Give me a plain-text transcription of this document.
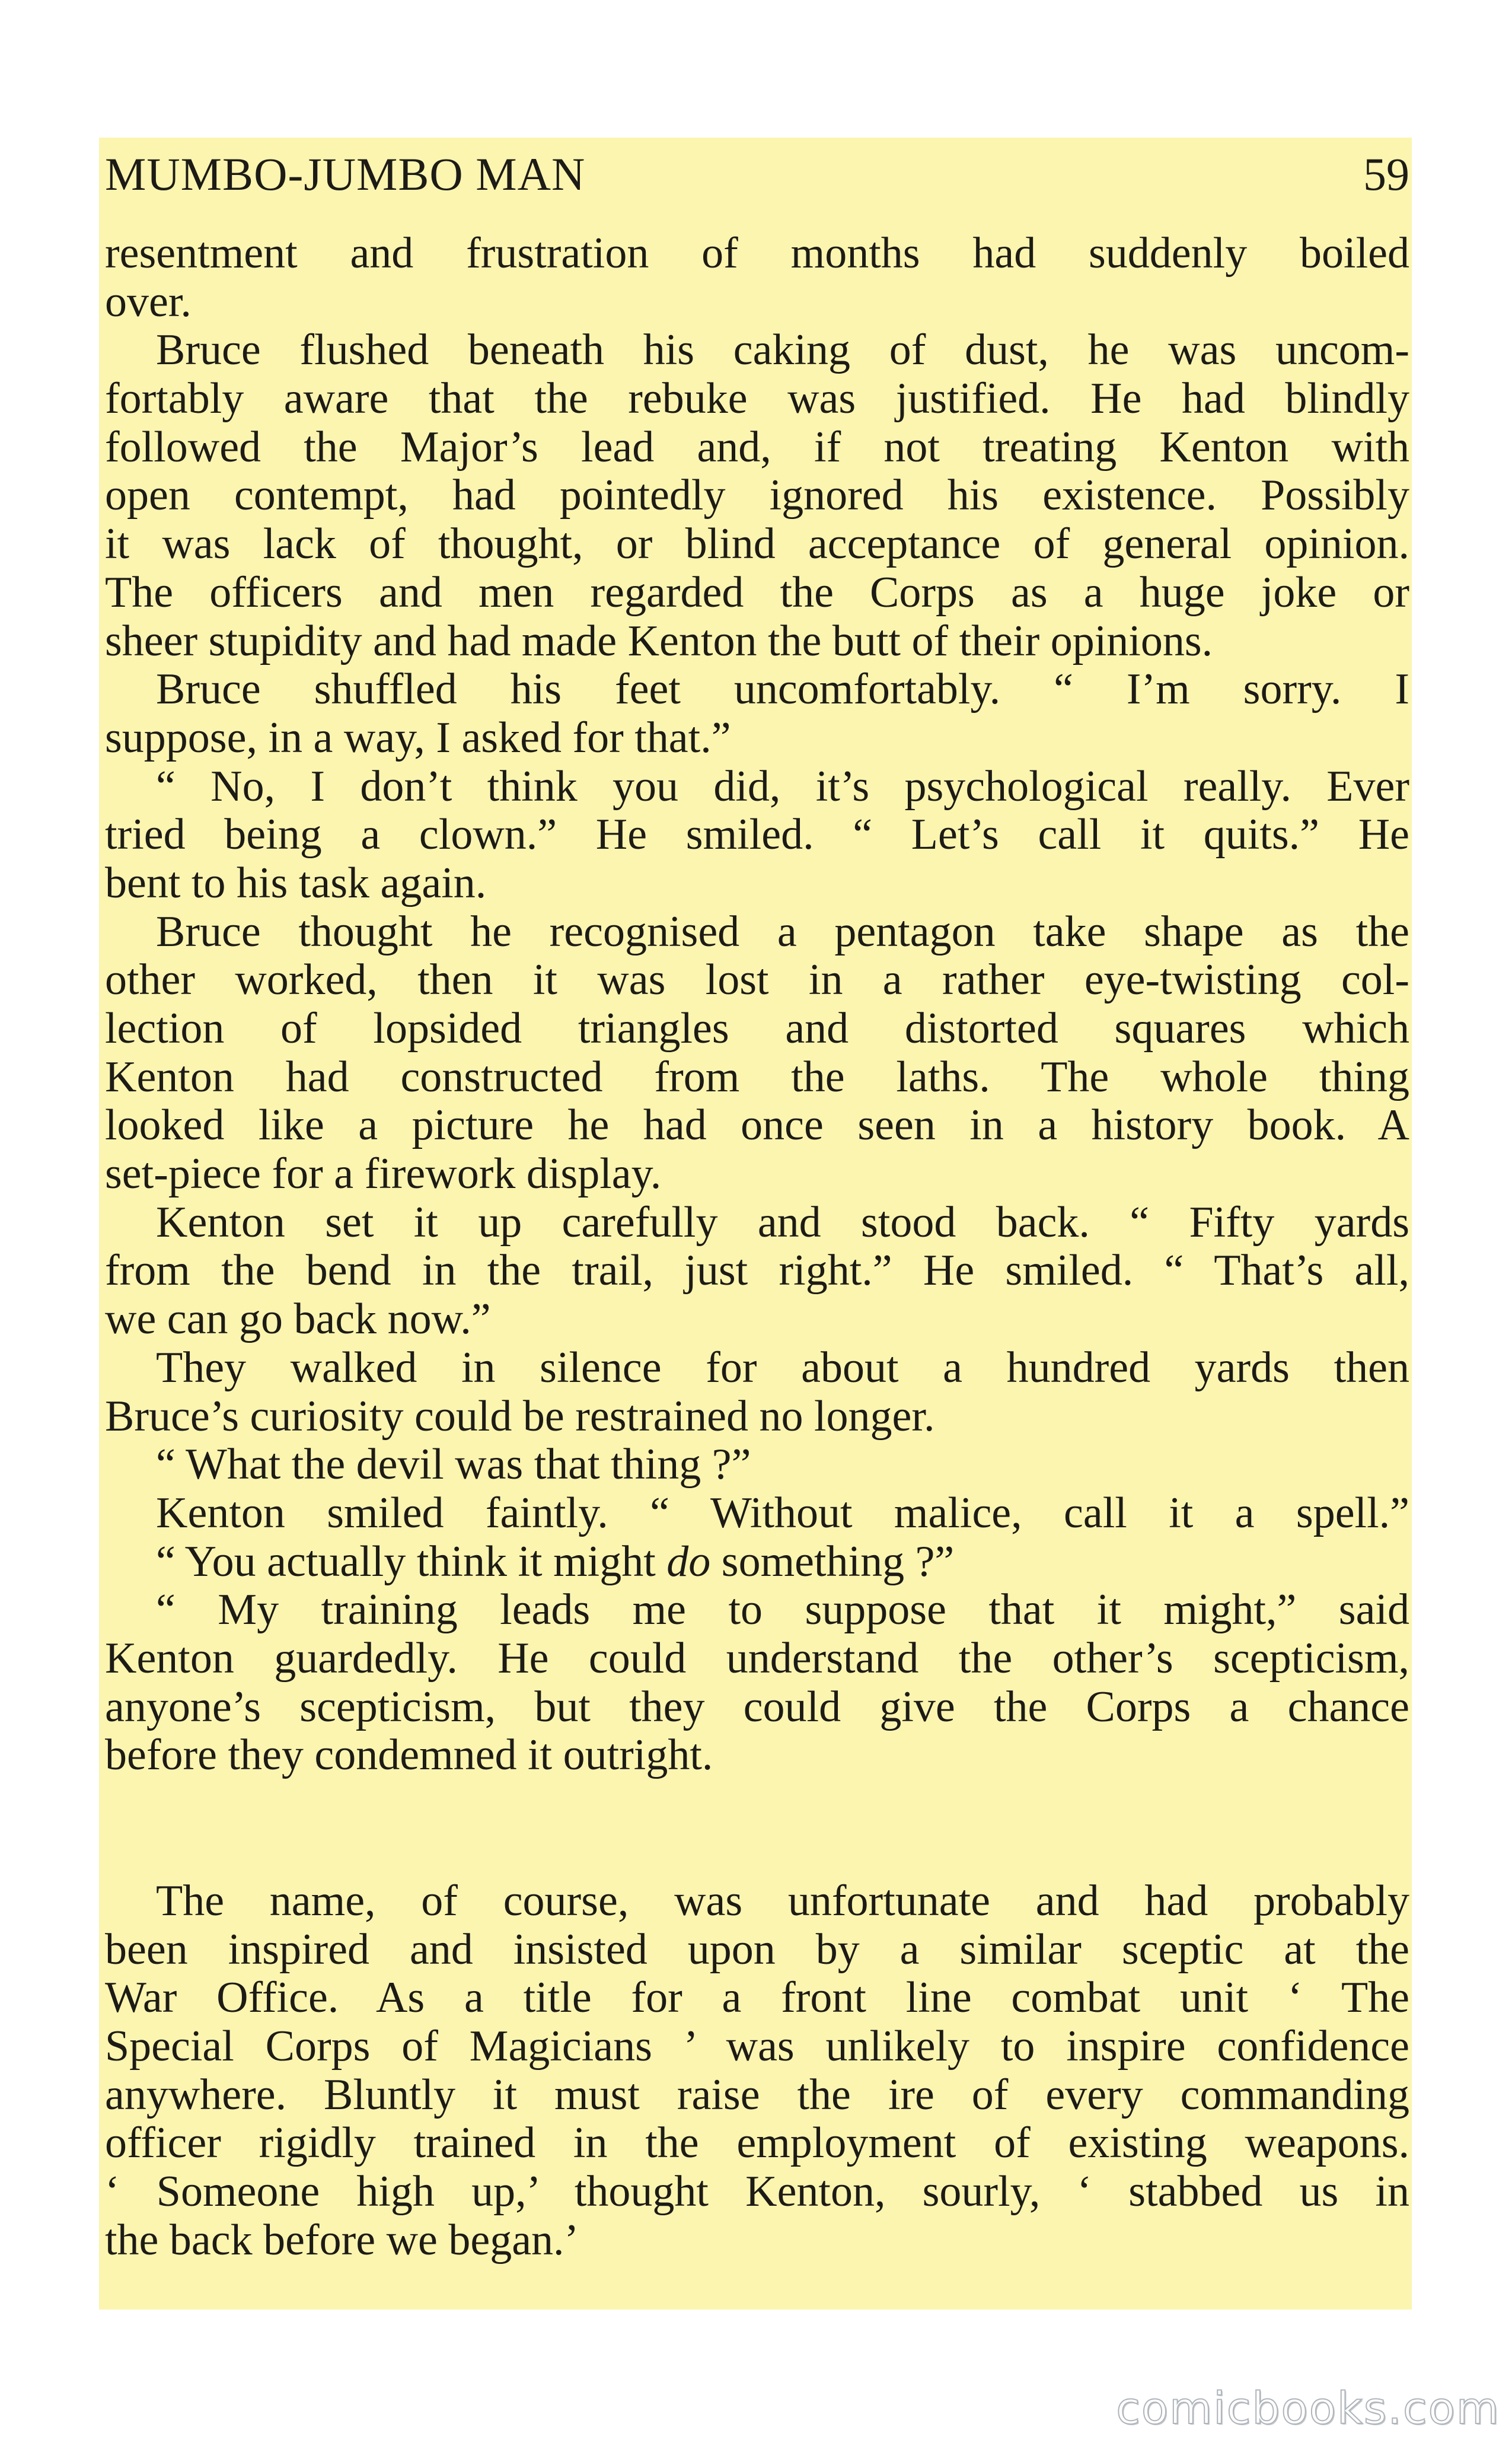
MUMBO-JUMBO MAN	59
resentment and frustration of months had suddenly boiled
over.
Bruce flushed beneath his caking of dust, he was uncom-
fortably aware that the rebuke was justified. He had blindly
followed the Major’s lead and, if not treating Kenton with
open contempt, had pointedly ignored his existence. Possibly
it was lack of thought, or blind acceptance of general opinion.
The officers and men regarded the Corps as a huge joke or
sheer stupidity and had made Kenton the butt of their opinions.
Bruce shuffled his feet uncomfortably. “ I’m sorry. I
suppose, in a way, I asked for that.”
“ No, I don’t think you did, it’s psychological really. Ever
tried being a clown.” He smiled. “ Let’s call it quits.” He
bent to his task again.
Bruce thought he recognised a pentagon take shape as the
other worked, then it was lost in a rather eye-twisting col-
lection of lopsided triangles and distorted squares which
Kenton had constructed from the laths. The whole thing
looked like a picture he had once seen in a history book. A
set-piece for a firework display.
Kenton set it up carefully and stood back. “ Fifty yards
from the bend in the trail, just right.” He smiled. “ That’s all,
we can go back now.”
They walked in silence for about a hundred yards then
Bruce’s curiosity could be restrained no longer.
“ What the devil was that thing ?”
Kenton smiled faintly. “ Without malice, call it a spell.”
“ You actually think it might do something ?”
“ My training leads me to suppose that it might,” said
Kenton guardedly. He could understand the other’s scepticism,
anyone’s scepticism, but they could give the Corps a chance
before they condemned it outright.
The name, of course, was unfortunate and had probably
been inspired and insisted upon by a similar sceptic at the
War Office. As a title for a front line combat unit ‘ The
Special Corps of Magicians ’ was unlikely to inspire confidence
anywhere. Bluntly it must raise the ire of every commanding
officer rigidly trained in the employment of existing weapons.
‘ Someone high up,’ thought Kenton, sourly, ‘ stabbed us in
the back before we began.’
comicbooks.com
